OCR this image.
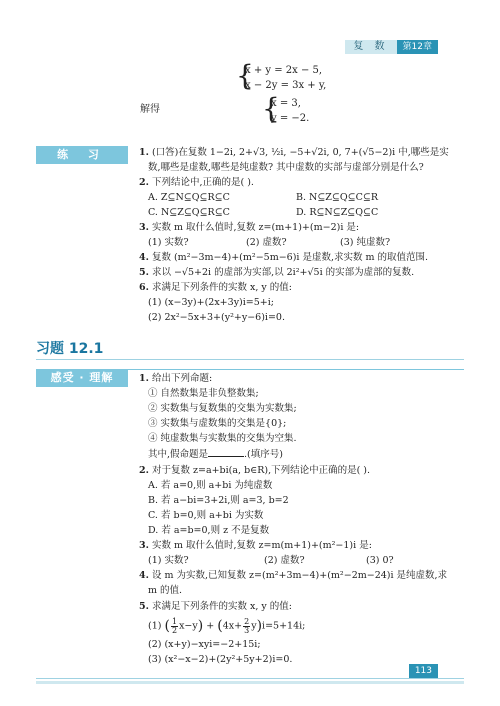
复 数	第12章
{
x + y = 2x − 5,
x − 2y = 3x + y,
解得	{
x = 3,
y = −2.
练 习	1. (口答)在复数 1−2i, 2+√3, ½i, −5+√2i, 0, 7+(√5−2)i 中,哪些是实
数,哪些是虚数,哪些是纯虚数? 其中虚数的实部与虚部分别是什么?
2. 下列结论中,正确的是( ).
A. Z⊆N⊆Q⊆R⊆C	B. N⊆Z⊆Q⊆C⊆R
C. N⊆Z⊆Q⊆R⊆C	D. R⊆N⊆Z⊆Q⊆C
3. 实数 m 取什么值时,复数 z=(m+1)+(m−2)i 是:
(1) 实数?	(2) 虚数?	(3) 纯虚数?
4. 复数 (m²−3m−4)+(m²−5m−6)i 是虚数,求实数 m 的取值范围.
5. 求以 −√5+2i 的虚部为实部,以 2i²+√5i 的实部为虚部的复数.
6. 求满足下列条件的实数 x, y 的值:
(1) (x−3y)+(2x+3y)i=5+i;
(2) 2x²−5x+3+(y²+y−6)i=0.
习题 12.1
感受 · 理解	1. 给出下列命题:
① 自然数集是非负整数集;
② 实数集与复数集的交集为实数集;
③ 实数集与虚数集的交集是{0};
④ 纯虚数集与实数集的交集为空集.
其中,假命题是	.(填序号)
2. 对于复数 z=a+bi(a, b∈R),下列结论中正确的是( ).
A. 若 a=0,则 a+bi 为纯虚数
B. 若 a−bi=3+2i,则 a=3, b=2
C. 若 b=0,则 a+bi 为实数
D. 若 a=b=0,则 z 不是复数
3. 实数 m 取什么值时,复数 z=m(m+1)+(m²−1)i 是:
(1) 实数?	(2) 虚数?	(3) 0?
4. 设 m 为实数,已知复数 z=(m²+3m−4)+(m²−2m−24)i 是纯虚数,求
m 的值.
5. 求满足下列条件的实数 x, y 的值:
(1) ( $\frac{1}{2} x-y) + (4x+ \frac{2}{3} y)i=5+14i$;
(2) (x+y)−xyi=−2+15i;
(3) (x²−x−2)+(2y²+5y+2)i=0.
113
